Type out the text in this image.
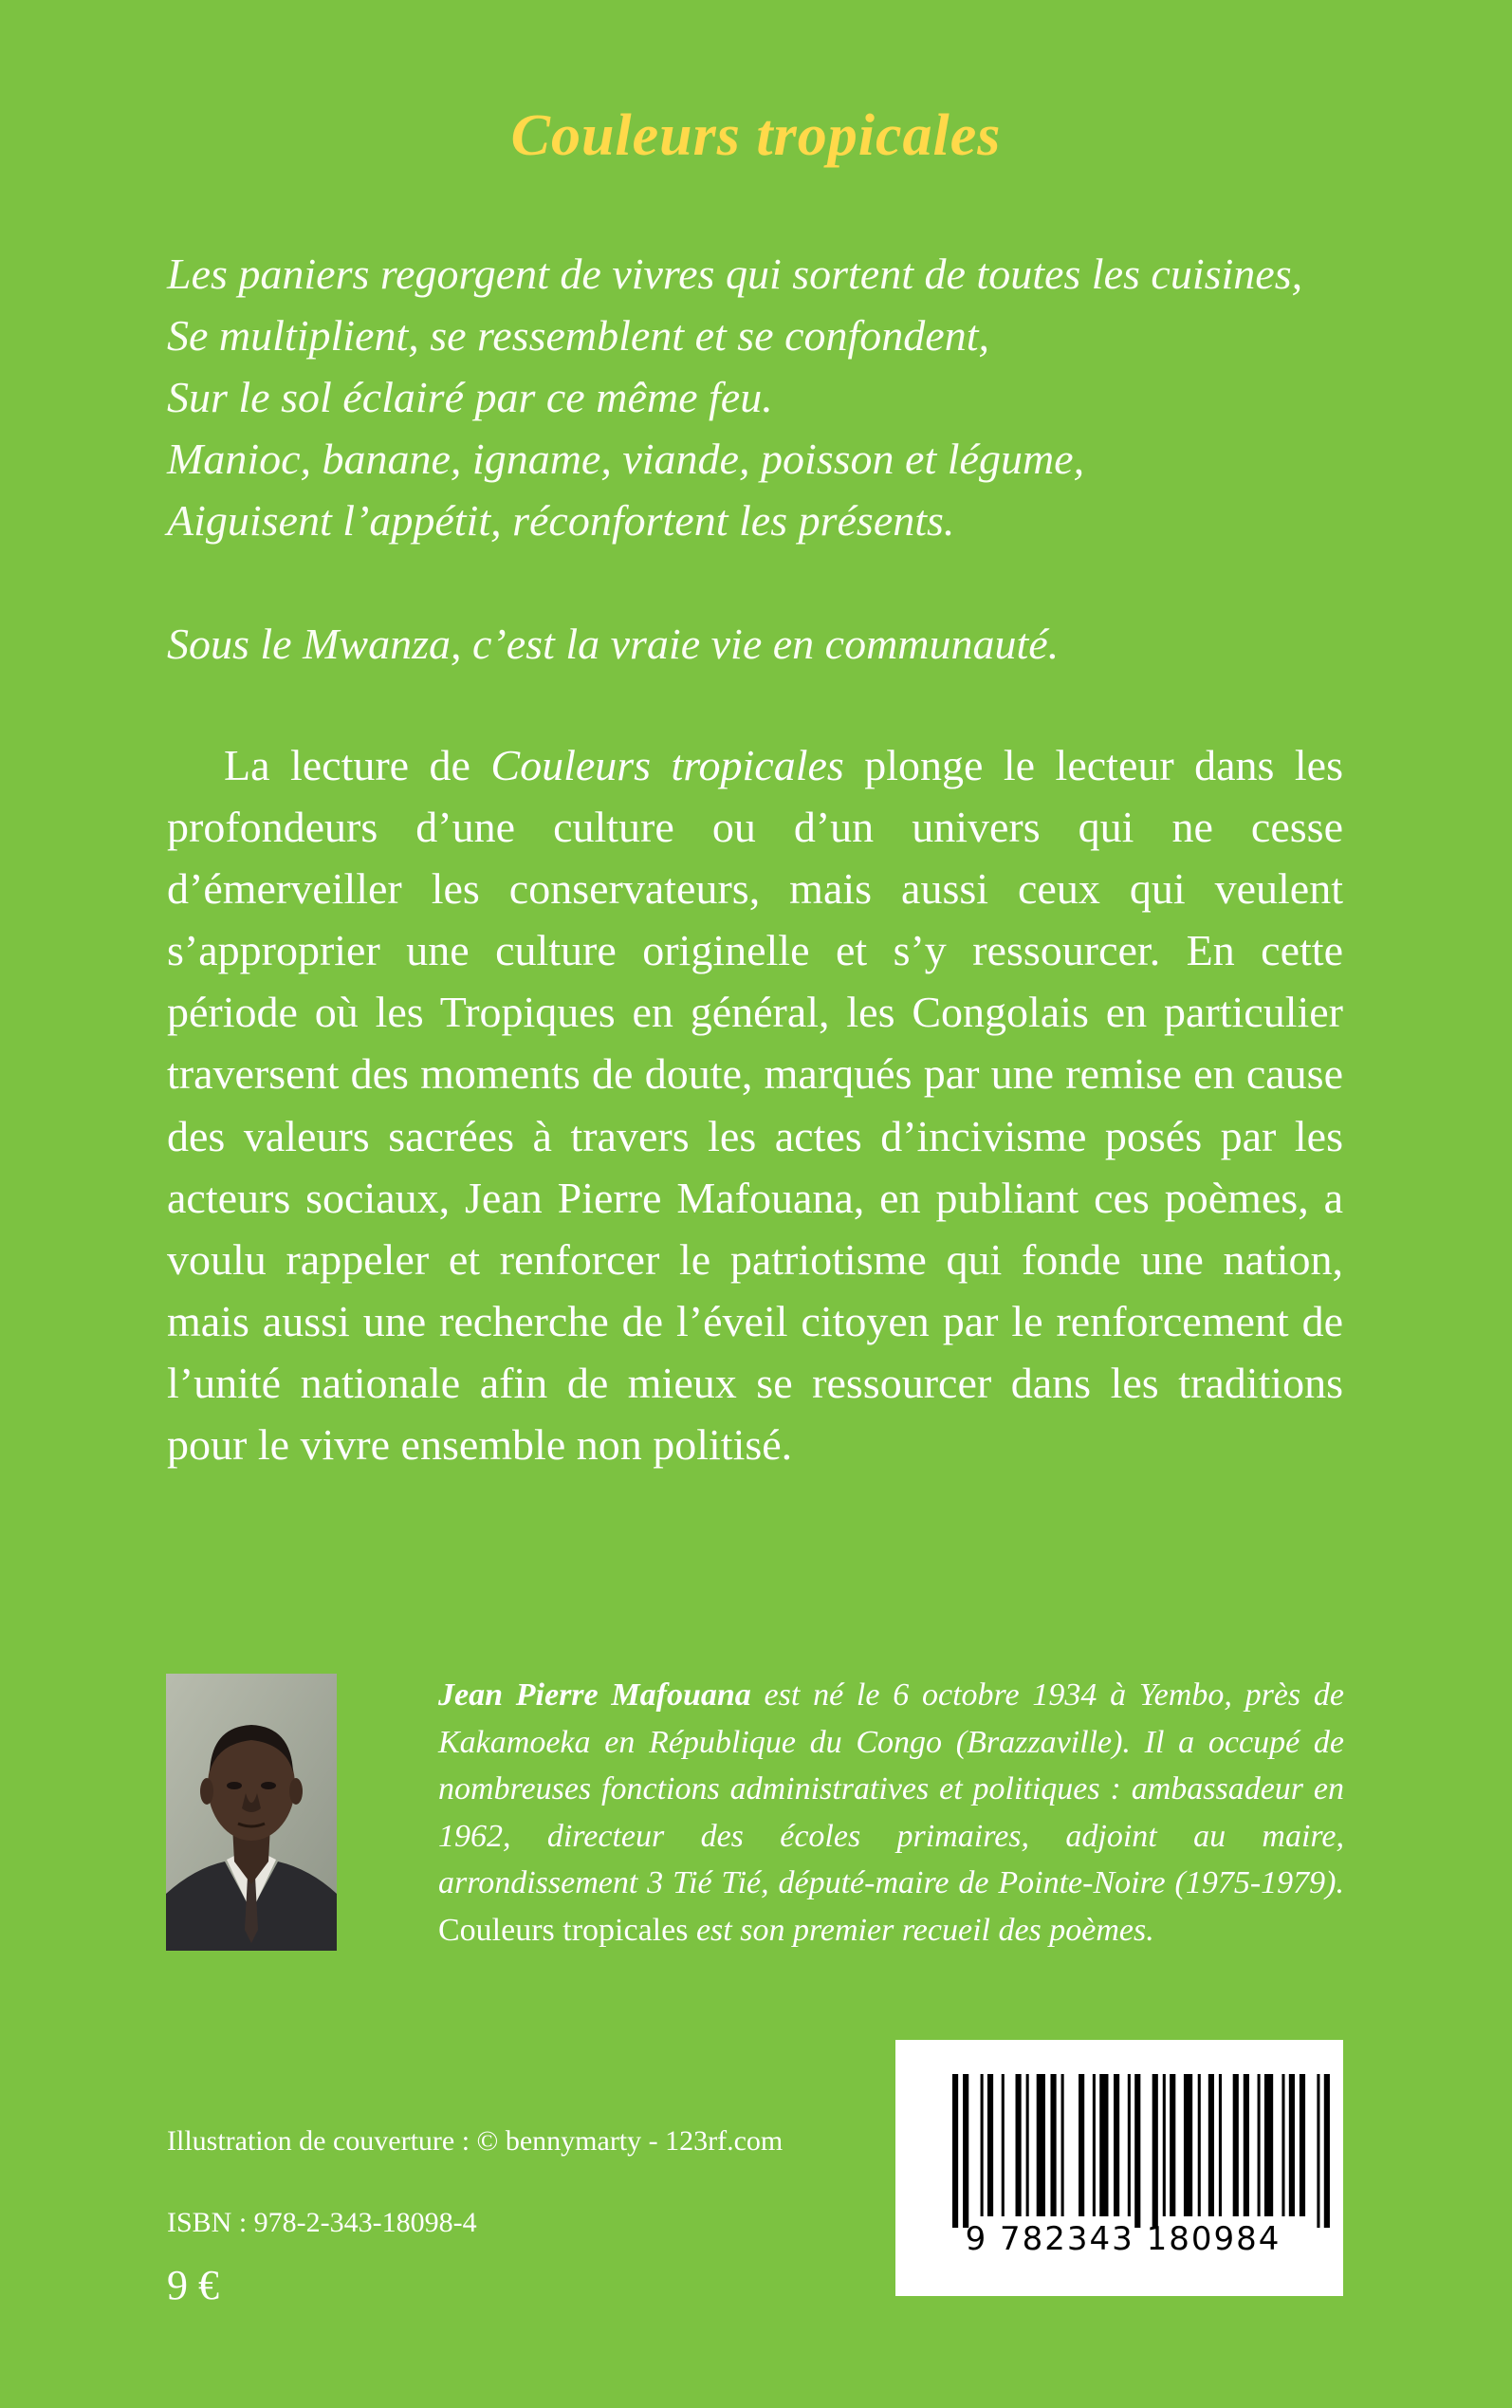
Couleurs tropicales
Les paniers regorgent de vivres qui sortent de toutes les cuisines,
Se multiplient, se ressemblent et se confondent,
Sur le sol éclairé par ce même feu.
Manioc, banane, igname, viande, poisson et légume,
Aiguisent l’appétit, réconfortent les présents.
Sous le Mwanza, c’est la vraie vie en communauté.
La lecture de Couleurs tropicales plonge le lecteur dans les profondeurs d’une culture ou d’un univers qui ne cesse d’émerveiller les conservateurs, mais aussi ceux qui veulent s’approprier une culture originelle et s’y ressourcer. En cette période où les Tropiques en général, les Congolais en particulier traversent des moments de doute, marqués par une remise en cause des valeurs sacrées à travers les actes d’incivisme posés par les acteurs sociaux, Jean Pierre Mafouana, en publiant ces poèmes, a voulu rappeler et renforcer le patriotisme qui fonde une nation, mais aussi une recherche de l’éveil citoyen par le renforcement de l’unité nationale afin de mieux se ressourcer dans les traditions pour le vivre ensemble non politisé.
Jean Pierre Mafouana est né le 6 octobre 1934 à Yembo, près de Kakamoeka en République du Congo (Brazzaville). Il a occupé de nombreuses fonctions administratives et politiques : ambassadeur en 1962, directeur des écoles primaires, adjoint au maire, arrondissement 3 Tié Tié, député-maire de Pointe-Noire (1975-1979). Couleurs tropicales est son premier recueil des poèmes.
Illustration de couverture : © bennymarty - 123rf.com
ISBN : 978-2-343-18098-4
9 €
9 782343 180984
